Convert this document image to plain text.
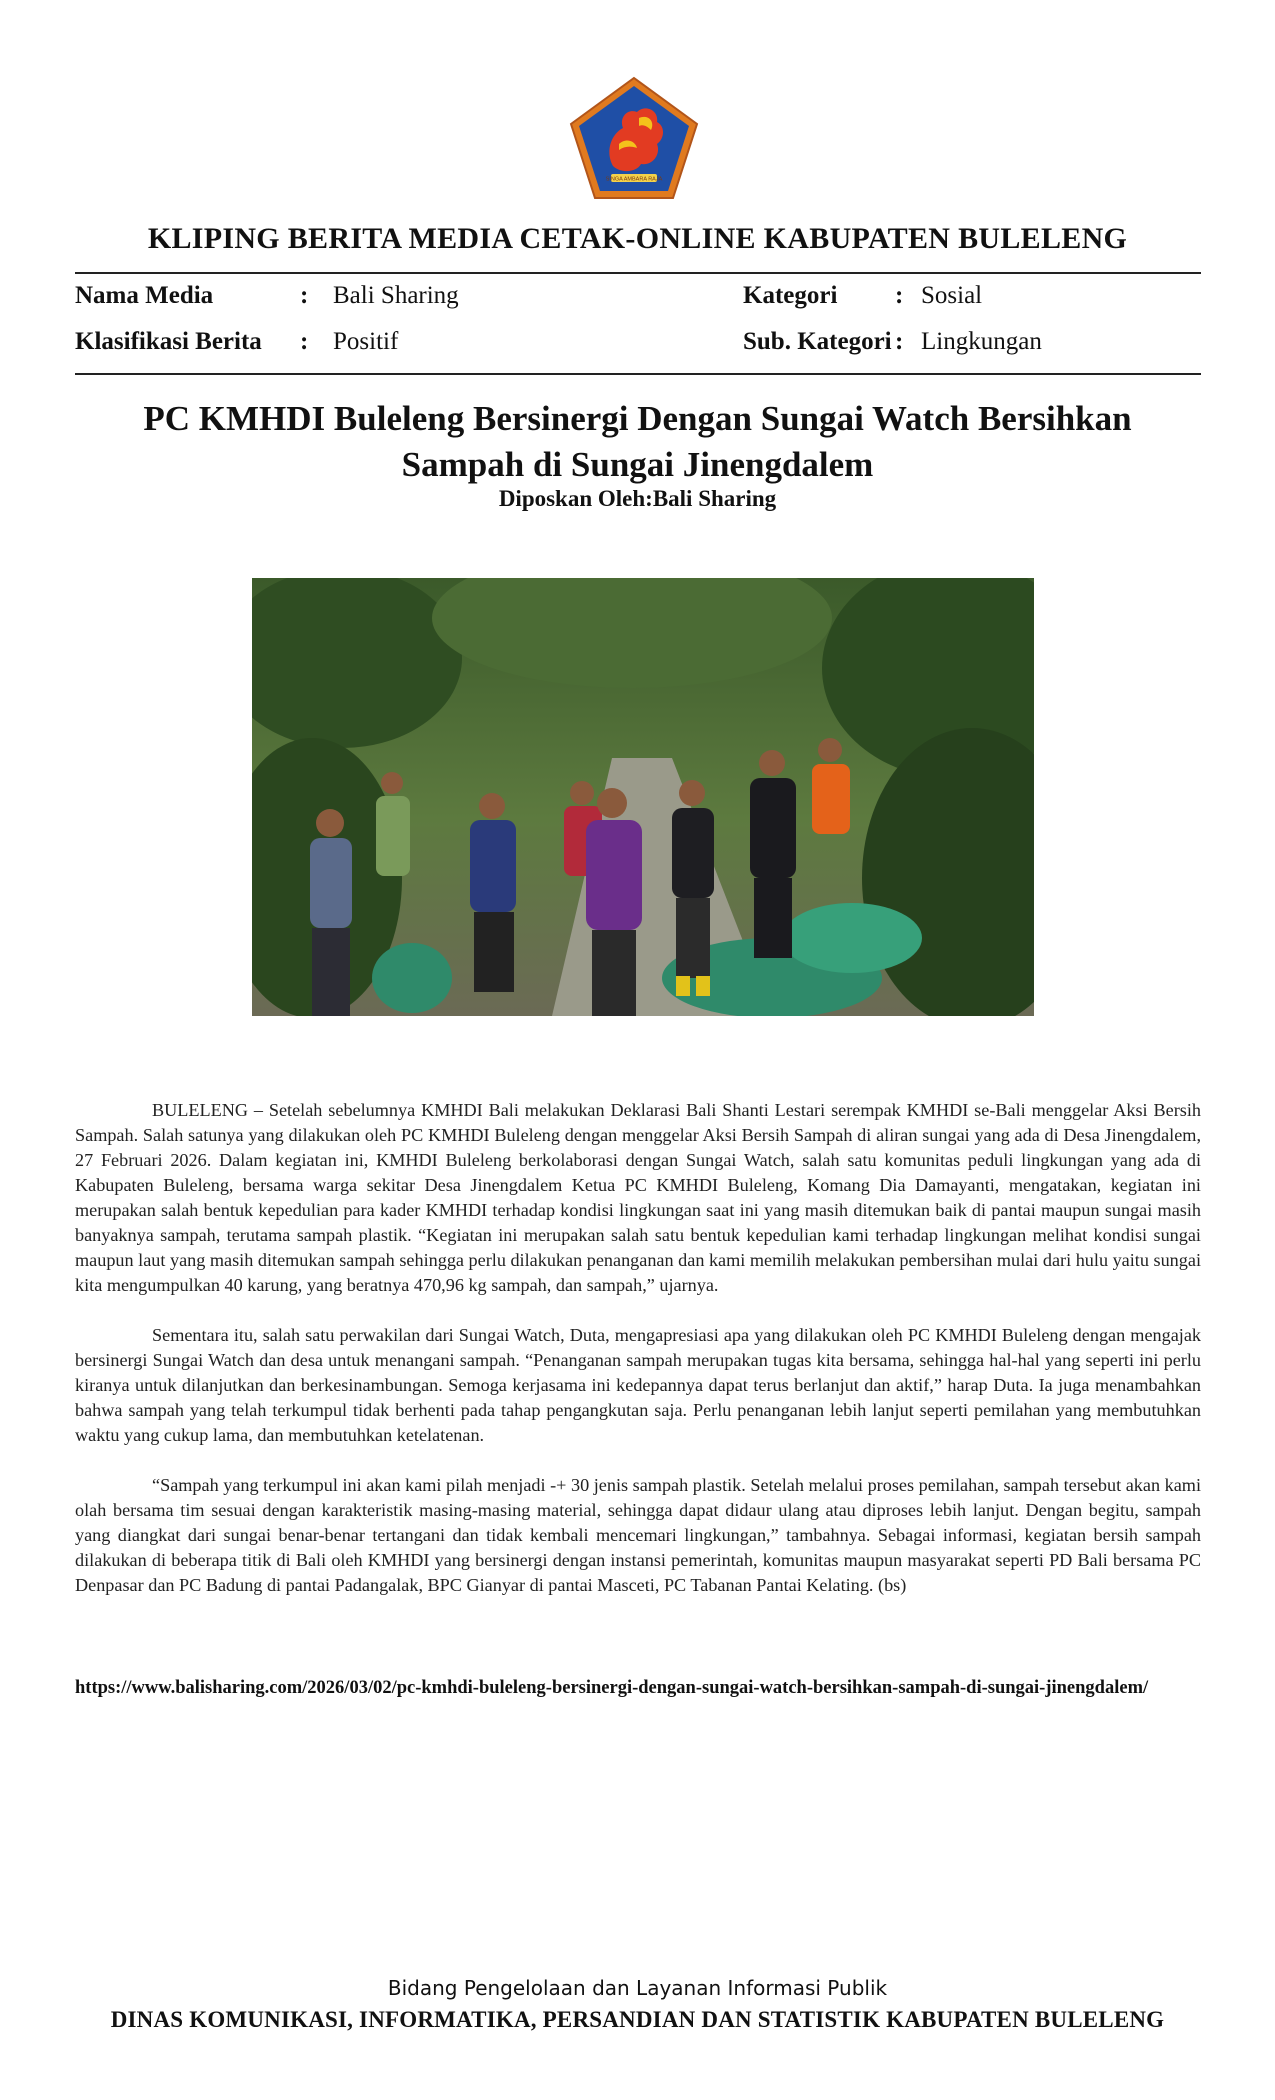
SINGA AMBARA RAJA
KLIPING BERITA MEDIA CETAK-ONLINE KABUPATEN BULELENG
Nama Media	: Bali Sharing	Kategori : Sosial
Klasifikasi Berita : Positif	Sub. Kategori : Lingkungan
PC KMHDI Buleleng Bersinergi Dengan Sungai Watch Bersihkan Sampah di Sungai Jinengdalem
Diposkan Oleh:Bali Sharing

BULELENG – Setelah sebelumnya KMHDI Bali melakukan Deklarasi Bali Shanti Lestari serempak KMHDI se-Bali menggelar Aksi Bersih Sampah. Salah satunya yang dilakukan oleh PC KMHDI Buleleng dengan menggelar Aksi Bersih Sampah di aliran sungai yang ada di Desa Jinengdalem, 27 Februari 2026. Dalam kegiatan ini, KMHDI Buleleng berkolaborasi dengan Sungai Watch, salah satu komunitas peduli lingkungan yang ada di Kabupaten Buleleng, bersama warga sekitar Desa Jinengdalem Ketua PC KMHDI Buleleng, Komang Dia Damayanti, mengatakan, kegiatan ini merupakan salah bentuk kepedulian para kader KMHDI terhadap kondisi lingkungan saat ini yang masih ditemukan baik di pantai maupun sungai masih banyaknya sampah, terutama sampah plastik. “Kegiatan ini merupakan salah satu bentuk kepedulian kami terhadap lingkungan melihat kondisi sungai maupun laut yang masih ditemukan sampah sehingga perlu dilakukan penanganan dan kami memilih melakukan pembersihan mulai dari hulu yaitu sungai kita mengumpulkan 40 karung, yang beratnya 470,96 kg sampah, dan sampah,” ujarnya.

Sementara itu, salah satu perwakilan dari Sungai Watch, Duta, mengapresiasi apa yang dilakukan oleh PC KMHDI Buleleng dengan mengajak bersinergi Sungai Watch dan desa untuk menangani sampah. “Penanganan sampah merupakan tugas kita bersama, sehingga hal-hal yang seperti ini perlu kiranya untuk dilanjutkan dan berkesinambungan. Semoga kerjasama ini kedepannya dapat terus berlanjut dan aktif,” harap Duta. Ia juga menambahkan bahwa sampah yang telah terkumpul tidak berhenti pada tahap pengangkutan saja. Perlu penanganan lebih lanjut seperti pemilahan yang membutuhkan waktu yang cukup lama, dan membutuhkan ketelatenan.

“Sampah yang terkumpul ini akan kami pilah menjadi -+ 30 jenis sampah plastik. Setelah melalui proses pemilahan, sampah tersebut akan kami olah bersama tim sesuai dengan karakteristik masing-masing material, sehingga dapat didaur ulang atau diproses lebih lanjut. Dengan begitu, sampah yang diangkat dari sungai benar-benar tertangani dan tidak kembali mencemari lingkungan,” tambahnya. Sebagai informasi, kegiatan bersih sampah dilakukan di beberapa titik di Bali oleh KMHDI yang bersinergi dengan instansi pemerintah, komunitas maupun masyarakat seperti PD Bali bersama PC Denpasar dan PC Badung di pantai Padangalak, BPC Gianyar di pantai Masceti, PC Tabanan Pantai Kelating. (bs)

https://www.balisharing.com/2026/03/02/pc-kmhdi-buleleng-bersinergi-dengan-sungai-watch-bersihkan-sampah-di-sungai-jinengdalem/
Bidang Pengelolaan dan Layanan Informasi Publik
DINAS KOMUNIKASI, INFORMATIKA, PERSANDIAN DAN STATISTIK KABUPATEN BULELENG
